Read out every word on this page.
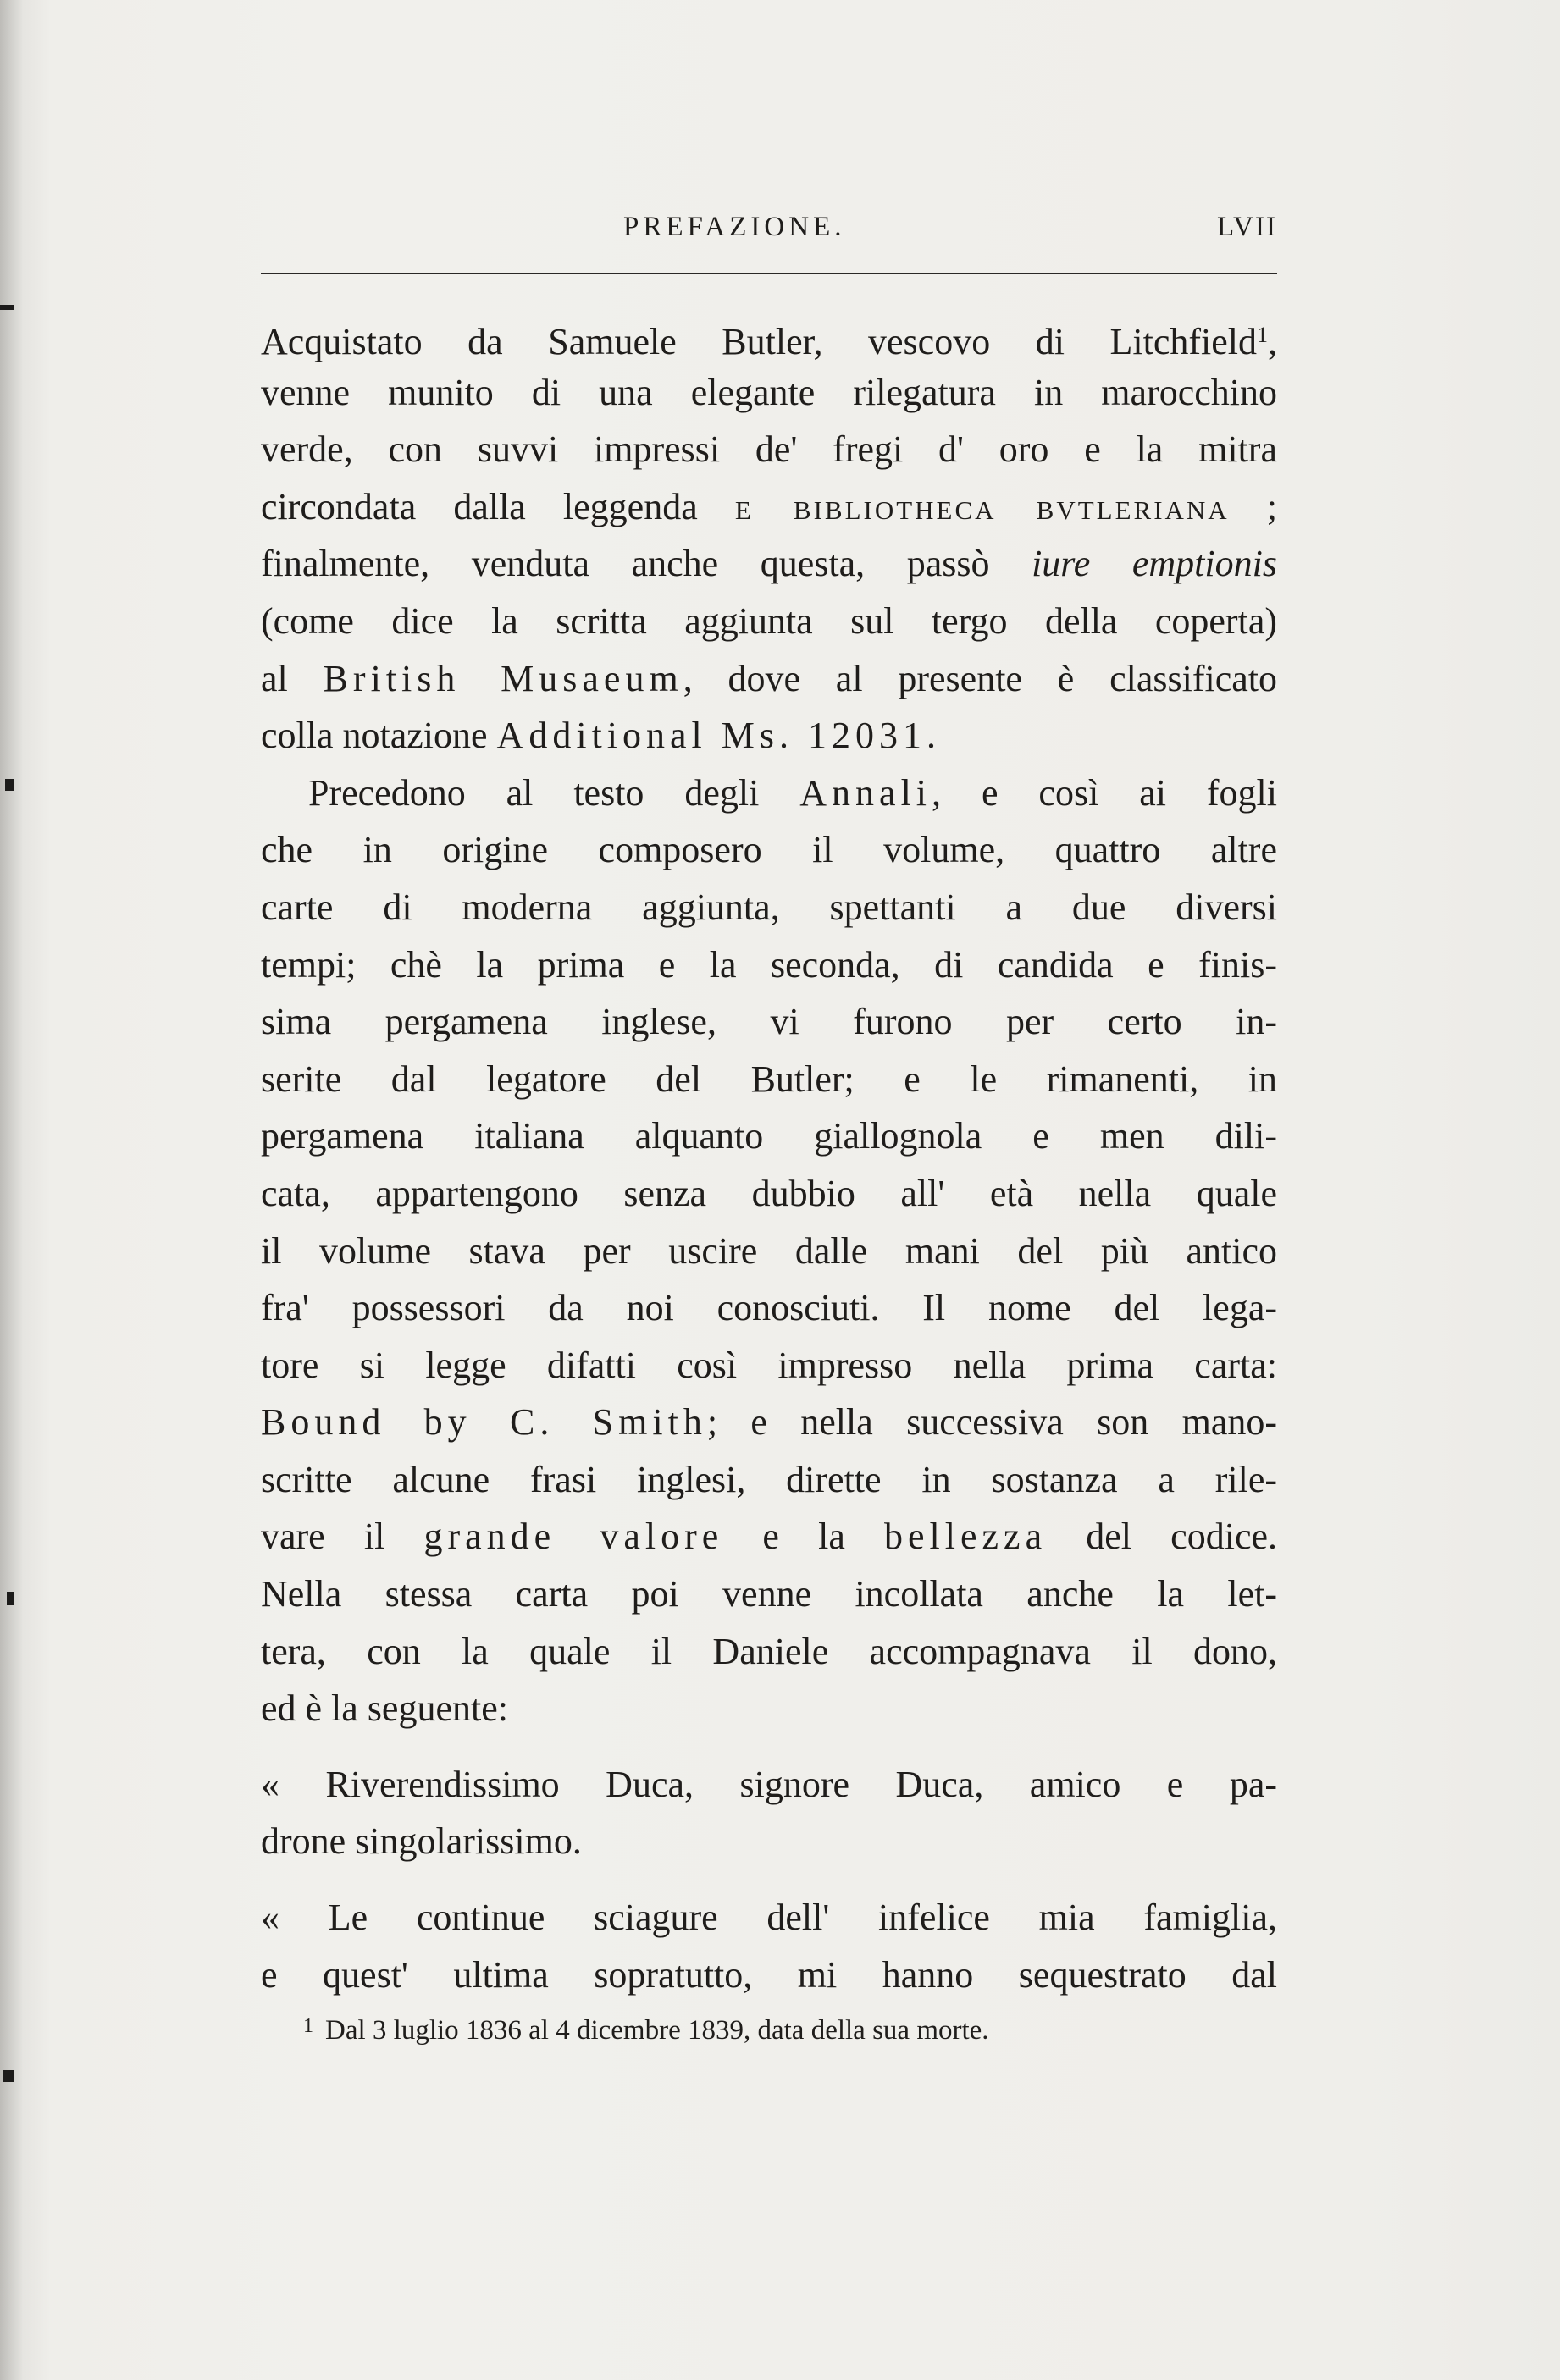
PREFAZIONE.	LVII
Acquistato da Samuele Butler, vescovo di Litchfield$^1$,
venne munito di una elegante rilegatura in marocchino
verde, con suvvi impressi de' fregi d' oro e la mitra
circondata dalla leggenda e bibliotheca bvtleriana ;
finalmente, venduta anche questa, passò iure emptionis
(come dice la scritta aggiunta sul tergo della coperta)
al British Musaeum, dove al presente è classificato
colla notazione Additional Ms. 12031.
Precedono al testo degli Annali, e così ai fogli
che in origine composero il volume, quattro altre
carte di moderna aggiunta, spettanti a due diversi
tempi; chè la prima e la seconda, di candida e finis-
sima pergamena inglese, vi furono per certo in-
serite dal legatore del Butler; e le rimanenti, in
pergamena italiana alquanto giallognola e men dili-
cata, appartengono senza dubbio all' età nella quale
il volume stava per uscire dalle mani del più antico
fra' possessori da noi conosciuti. Il nome del lega-
tore si legge difatti così impresso nella prima carta:
Bound by C. Smith; e nella successiva son mano-
scritte alcune frasi inglesi, dirette in sostanza a rile-
vare il grande valore e la bellezza del codice.
Nella stessa carta poi venne incollata anche la let-
tera, con la quale il Daniele accompagnava il dono,
ed è la seguente:
« Riverendissimo Duca, signore Duca, amico e pa-
drone singolarissimo.
« Le continue sciagure dell' infelice mia famiglia,
e quest' ultima sopratutto, mi hanno sequestrato dal
$^1$ Dal 3 luglio 1836 al 4 dicembre 1839, data della sua morte.
